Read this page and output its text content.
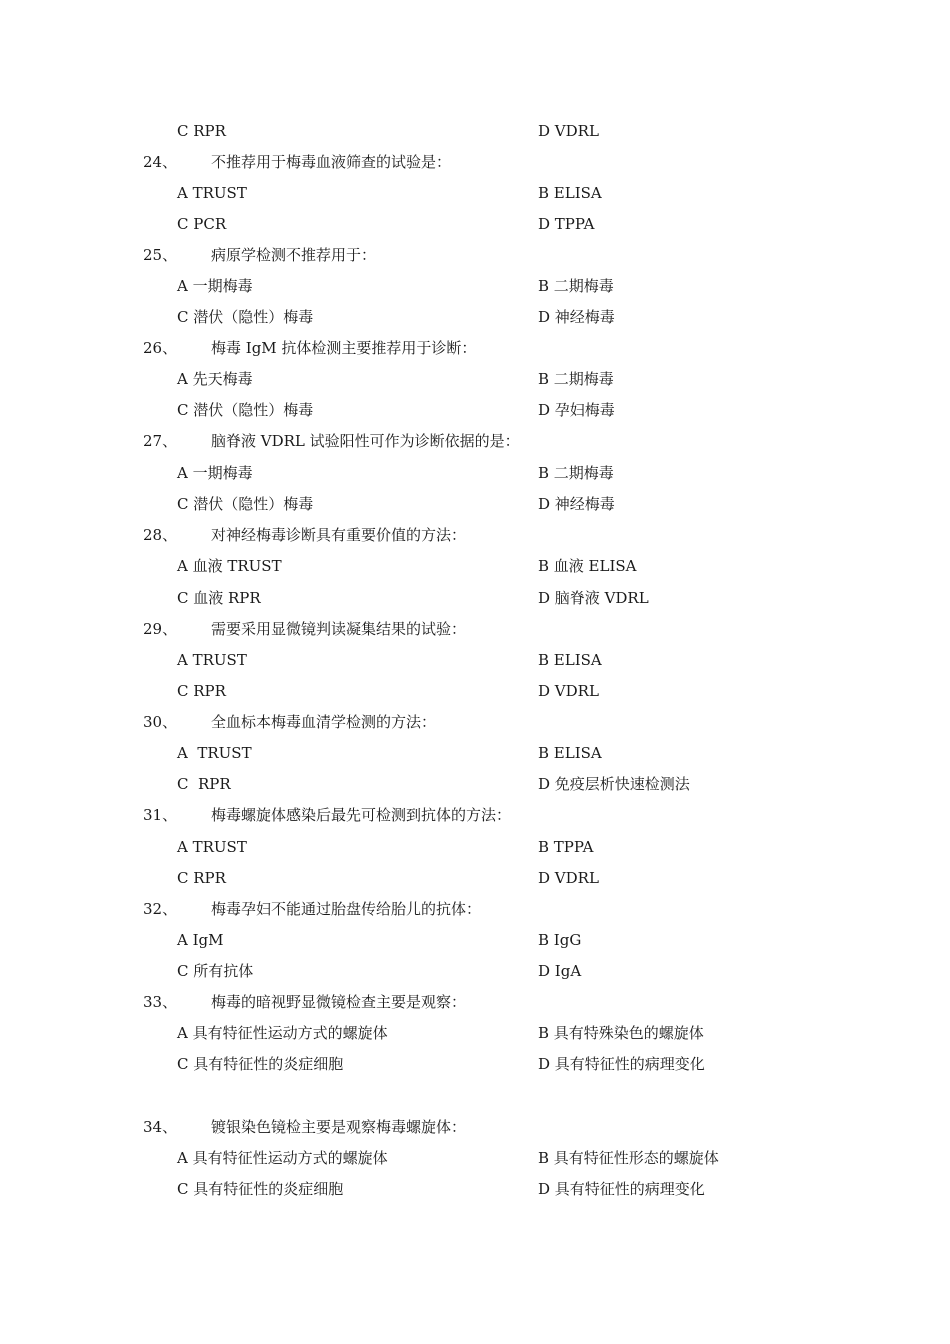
C RPR	D VDRL
24、 不推荐用于梅毒血液筛查的试验是：
A TRUST	B ELISA
C PCR	D TPPA
25、 病原学检测不推荐用于：
A 一期梅毒	B 二期梅毒
C 潜伏（隐性）梅毒	D 神经梅毒
26、 梅毒 IgM 抗体检测主要推荐用于诊断：
A 先天梅毒	B 二期梅毒
C 潜伏（隐性）梅毒	D 孕妇梅毒
27、 脑脊液 VDRL 试验阳性可作为诊断依据的是：
A 一期梅毒	B 二期梅毒
C 潜伏（隐性）梅毒	D 神经梅毒
28、 对神经梅毒诊断具有重要价值的方法：
A 血液 TRUST	B 血液 ELISA
C 血液 RPR	D 脑脊液 VDRL
29、 需要采用显微镜判读凝集结果的试验：
A TRUST	B ELISA
C RPR	D VDRL
30、 全血标本梅毒血清学检测的方法：
A  TRUST	B ELISA
C  RPR	D 免疫层析快速检测法
31、 梅毒螺旋体感染后最先可检测到抗体的方法：
A TRUST	B TPPA
C RPR	D VDRL
32、 梅毒孕妇不能通过胎盘传给胎儿的抗体：
A IgM	B IgG
C 所有抗体	D IgA
33、 梅毒的暗视野显微镜检查主要是观察：
A 具有特征性运动方式的螺旋体	B 具有特殊染色的螺旋体
C 具有特征性的炎症细胞	D 具有特征性的病理变化
34、 镀银染色镜检主要是观察梅毒螺旋体：
A 具有特征性运动方式的螺旋体	B 具有特征性形态的螺旋体
C 具有特征性的炎症细胞	D 具有特征性的病理变化
